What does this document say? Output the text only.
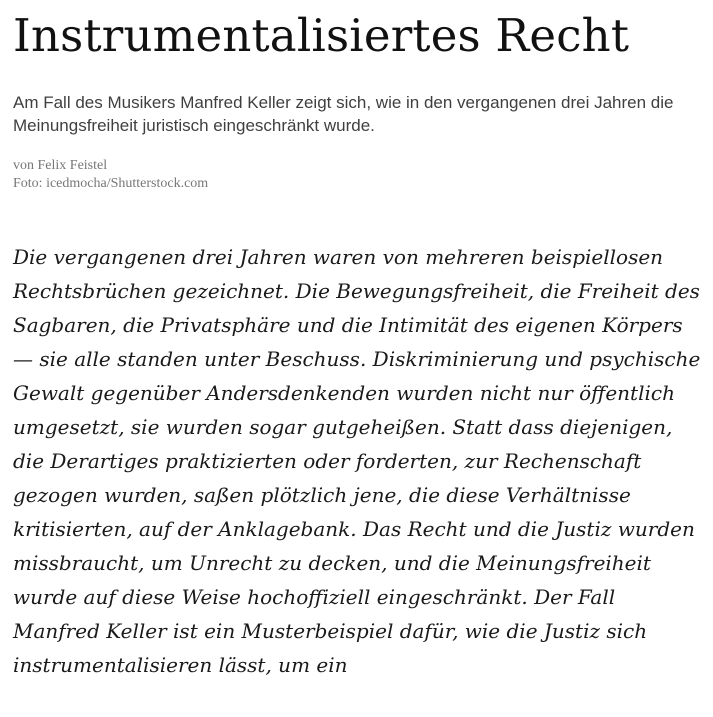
Instrumentalisiertes Recht

Am Fall des Musikers Manfred Keller zeigt sich, wie in den vergangenen drei Jahren die Meinungsfreiheit juristisch eingeschränkt wurde.

von Felix Feistel
Foto: icedmocha/Shutterstock.com
Die vergangenen drei Jahren waren von mehreren beispiellosen Rechtsbrüchen gezeichnet. Die Bewegungsfreiheit, die Freiheit des Sagbaren, die Privatsphäre und die Intimität des eigenen Körpers — sie alle standen unter Beschuss. Diskriminierung und psychische Gewalt gegenüber Andersdenkenden wurden nicht nur öffentlich umgesetzt, sie wurden sogar gutgeheißen. Statt dass diejenigen, die Derartiges praktizierten oder forderten, zur Rechenschaft gezogen wurden, saßen plötzlich jene, die diese Verhältnisse kritisierten, auf der Anklagebank. Das Recht und die Justiz wurden missbraucht, um Unrecht zu decken, und die Meinungsfreiheit wurde auf diese Weise hochoffiziell eingeschränkt. Der Fall Manfred Keller ist ein Musterbeispiel dafür, wie die Justiz sich instrumentalisieren lässt, um ein
